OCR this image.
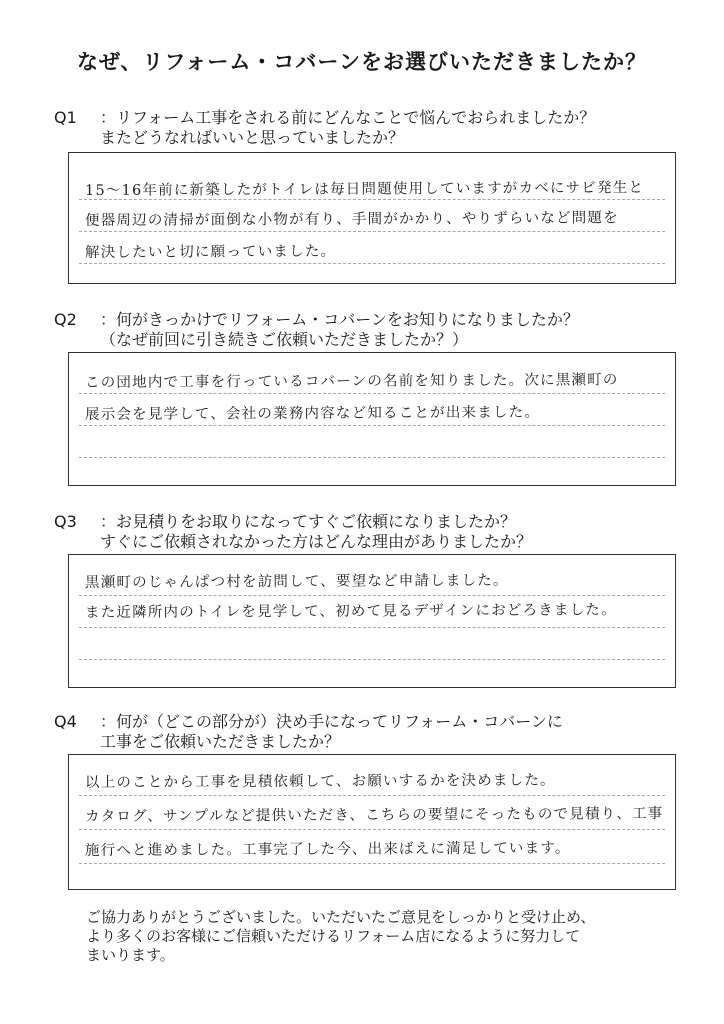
なぜ、リフォーム・コバーンをお選びいただきましたか？
Q1 ：リフォーム工事をされる前にどんなことで悩んでおられましたか？
またどうなればいいと思っていましたか？
15～16年前に新築したがトイレは毎日問題使用していますがカベにサビ発生と
便器周辺の清掃が面倒な小物が有り、手間がかかり、やりずらいなど問題を
解決したいと切に願っていました。
Q2 ：何がきっかけでリフォーム・コバーンをお知りになりましたか？
（なぜ前回に引き続きご依頼いただきましたか？）
この団地内で工事を行っているコバーンの名前を知りました。次に黒瀬町の
展示会を見学して、会社の業務内容など知ることが出来ました。
Q3 ：お見積りをお取りになってすぐご依頼になりましたか？
すぐにご依頼されなかった方はどんな理由がありましたか？
黒瀬町のじゃんぱつ村を訪問して、要望など申請しました。
また近隣所内のトイレを見学して、初めて見るデザインにおどろきました。
Q4 ：何が（どこの部分が）決め手になってリフォーム・コバーンに
工事をご依頼いただきましたか？
以上のことから工事を見積依頼して、お願いするかを決めました。
カタログ、サンプルなど提供いただき、こちらの要望にそったもので見積り、工事
施行へと進めました。工事完了した今、出来ばえに満足しています。
ご協力ありがとうございました。いただいたご意見をしっかりと受け止め、
より多くのお客様にご信頼いただけるリフォーム店になるように努力して
まいります。
